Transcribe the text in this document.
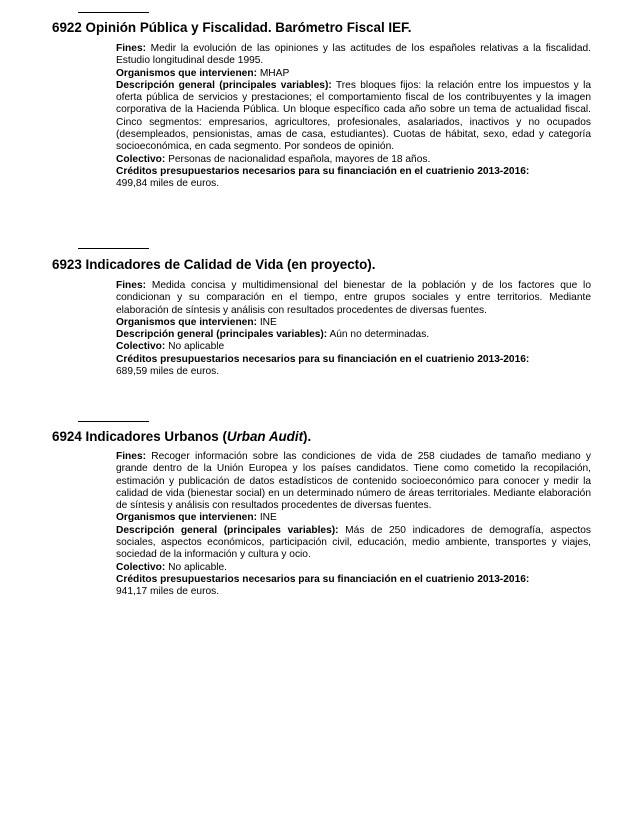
6922 Opinión Pública y Fiscalidad. Barómetro Fiscal IEF.

Fines: Medir la evolución de las opiniones y las actitudes de los españoles relativas a la fiscalidad. Estudio longitudinal desde 1995.

Organismos que intervienen: MHAP

Descripción general (principales variables): Tres bloques fijos: la relación entre los impuestos y la oferta pública de servicios y prestaciones; el comportamiento fiscal de los contribuyentes y la imagen corporativa de la Hacienda Pública. Un bloque específico cada año sobre un tema de actualidad fiscal. Cinco segmentos: empresarios, agricultores, profesionales, asalariados, inactivos y no ocupados (desempleados, pensionistas, amas de casa, estudiantes). Cuotas de hábitat, sexo, edad y categoría socioeconómica, en cada segmento. Por sondeos de opinión.

Colectivo: Personas de nacionalidad española, mayores de 18 años.

Créditos presupuestarios necesarios para su financiación en el cuatrienio 2013-2016:

499,84 miles de euros.

6923 Indicadores de Calidad de Vida (en proyecto).

Fines: Medida concisa y multidimensional del bienestar de la población y de los factores que lo condicionan y su comparación en el tiempo, entre grupos sociales y entre territorios. Mediante elaboración de síntesis y análisis con resultados procedentes de diversas fuentes.

Organismos que intervienen: INE

Descripción general (principales variables): Aún no determinadas.

Colectivo: No aplicable

Créditos presupuestarios necesarios para su financiación en el cuatrienio 2013-2016:

689,59 miles de euros.

6924 Indicadores Urbanos (Urban Audit).

Fines: Recoger información sobre las condiciones de vida de 258 ciudades de tamaño mediano y grande dentro de la Unión Europea y los países candidatos. Tiene como cometido la recopilación, estimación y publicación de datos estadísticos de contenido socioeconómico para conocer y medir la calidad de vida (bienestar social) en un determinado número de áreas territoriales. Mediante elaboración de síntesis y análisis con resultados procedentes de diversas fuentes.

Organismos que intervienen: INE

Descripción general (principales variables): Más de 250 indicadores de demografía, aspectos sociales, aspectos económicos, participación civil, educación, medio ambiente, transportes y viajes, sociedad de la información y cultura y ocio.

Colectivo: No aplicable.

Créditos presupuestarios necesarios para su financiación en el cuatrienio 2013-2016:

941,17 miles de euros.
